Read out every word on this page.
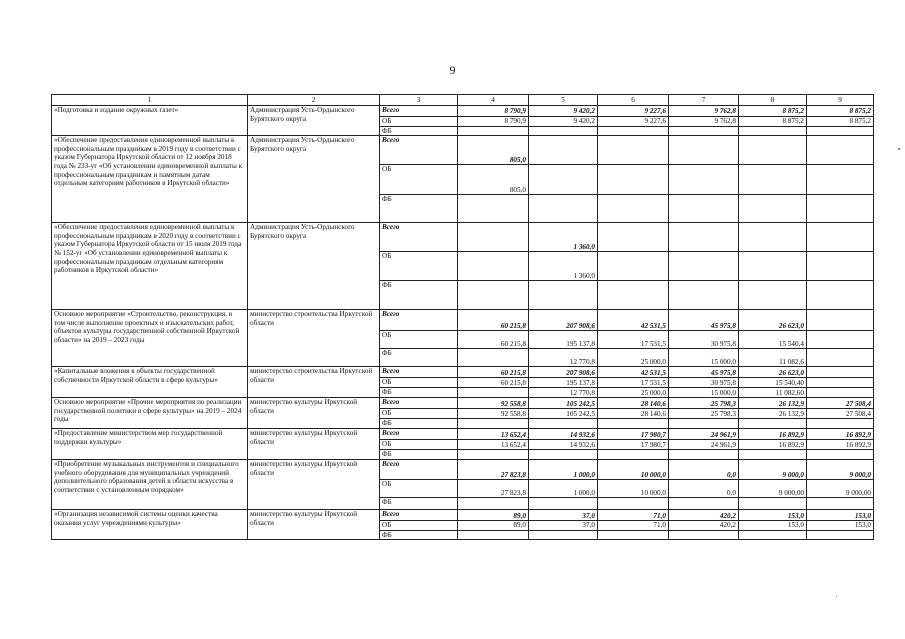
9
1	2	3	4	5	6	7	8	9
«Подготовка и издание окружных газет»	Администрация Усть-Ордынского Бурятского округа	Всего	8 790,9	9 420,2	9 227,6	9 762,8	8 875,2	8 875,2
		ОБ	8 790,9	9 420,2	9 227,6	9 762,8	8 875,2	8 875,2
		ФБ						
«Обеспечение предоставления единовременной выплаты к профессиональным праздникам в 2019 году в соответствии с указом Губернатора Иркутской области от 12 ноября 2018 года № 233-уг «Об установлении единовременной выплаты к профессиональным праздникам и памятным датам отдельным категориям работников в Иркутской области»	Администрация Усть-Ордынского Бурятского округа	Всего	805,0					
		ОБ	805,0					
		ФБ						
«Обеспечение предоставления единовременной выплаты к профессиональным праздникам в 2020 году в соответствии с указом Губернатора Иркутской области от 15 июля 2019 года № 152-уг «Об установлении единовременной выплаты к профессиональным праздникам отдельным категориям работников в Иркутской области»	Администрация Усть-Ордынского Бурятского округа	Всего		1 360,0				
		ОБ		1 360,0				
		ФБ						
Основное мероприятие «Строительство, реконструкция, в том числе выполнение проектных и изыскательских работ, объектов культуры государственной собственной Иркутской области» на 2019 – 2023 годы	министерство строительства Иркутской области	Всего	60 215,8	207 908,6	42 531,5	45 975,8	26 623,0	
		ОБ	60 215,8	195 137,8	17 531,5	30 975,8	15 540,4	
		ФБ		12 770,8	25 000,0	15 000,0	11 082,6	
«Капитальные вложения в объекты государственной собственности Иркутской области в сфере культуры»	министерство строительства Иркутской области	Всего	60 215,8	207 908,6	42 531,5	45 975,8	26 623,0	
		ОБ	60 215,8	195 137,8	17 531,5	30 975,8	15 540,40	
		ФБ		12 770,8	25 000,0	15 000,0	11 082,60	
Основное мероприятие «Прочие мероприятия по реализации государственной политики в сфере культуры» на 2019 – 2024 годы	министерство культуры Иркутской области	Всего	92 558,8	105 242,5	28 140,6	25 798,3	26 132,9	27 508,4
		ОБ	92 558,8	105 242,5	28 140,6	25 798,3	26 132,9	27 508,4
		ФБ						
«Предоставление министерством мер государственной поддержки культуры»	министерство культуры Иркутской области	Всего	13 652,4	14 932,6	17 980,7	24 961,9	16 892,9	16 892,9
		ОБ	13 652,4	14 932,6	17 980,7	24 961,9	16 892,9	16 892,9
		ФБ						
«Приобретение музыкальных инструментов и специального учебного оборудования для муниципальных учреждений дополнительного образования детей в области искусства в соответствии с установленным порядком»	министерство культуры Иркутской области	Всего	27 823,8	1 000,0	10 000,0	0,0	9 000,0	9 000,0
		ОБ	27 823,8	1 000,0	10 000,0	0,0	9 000,00	9 000,00
		ФБ						
«Организация независимой системы оценки качества оказания услуг учреждениями культуры»	министерство культуры Иркутской области	Всего	89,0	37,0	71,0	420,2	153,0	153,0
		ОБ	89,0	37,0	71,0	420,2	153,0	153,0
		ФБ						
